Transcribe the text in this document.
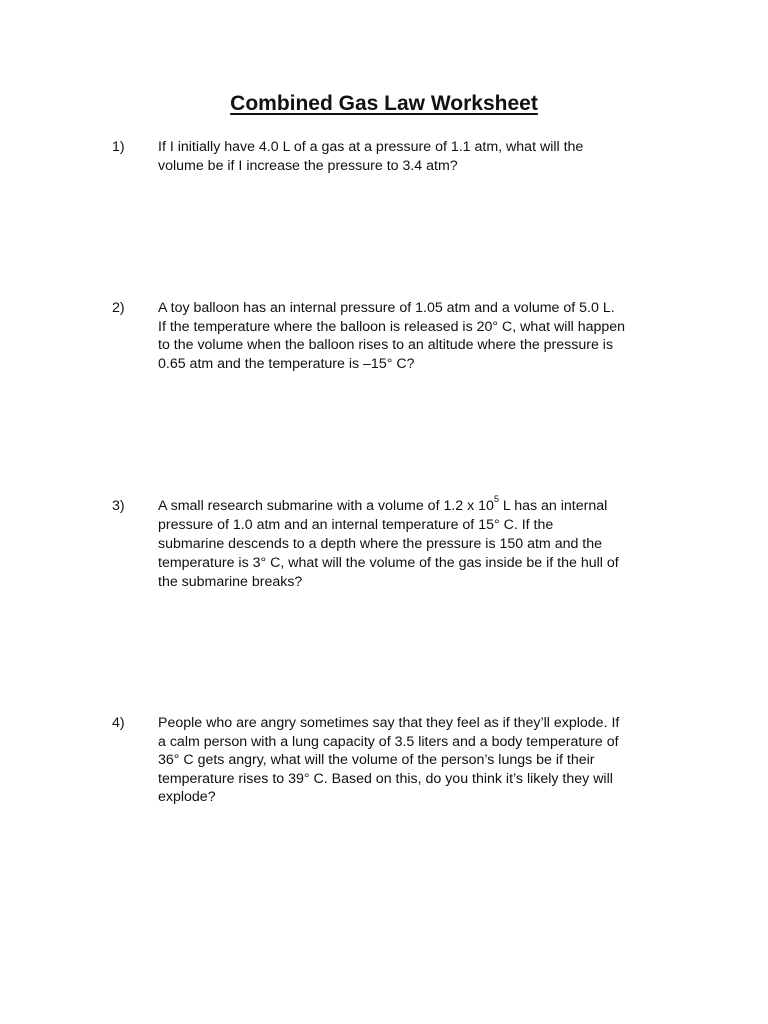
Combined Gas Law Worksheet
1)	If I initially have 4.0 L of a gas at a pressure of 1.1 atm, what will the
volume be if I increase the pressure to 3.4 atm?
2)	A toy balloon has an internal pressure of 1.05 atm and a volume of 5.0 L.
If the temperature where the balloon is released is 20° C, what will happen
to the volume when the balloon rises to an altitude where the pressure is
0.65 atm and the temperature is –15° C?
3)	A small research submarine with a volume of 1.2 x $10^5$ L has an internal
pressure of 1.0 atm and an internal temperature of 15° C. If the
submarine descends to a depth where the pressure is 150 atm and the
temperature is 3° C, what will the volume of the gas inside be if the hull of
the submarine breaks?
4)	People who are angry sometimes say that they feel as if they’ll explode. If
a calm person with a lung capacity of 3.5 liters and a body temperature of
36° C gets angry, what will the volume of the person’s lungs be if their
temperature rises to 39° C. Based on this, do you think it’s likely they will
explode?
